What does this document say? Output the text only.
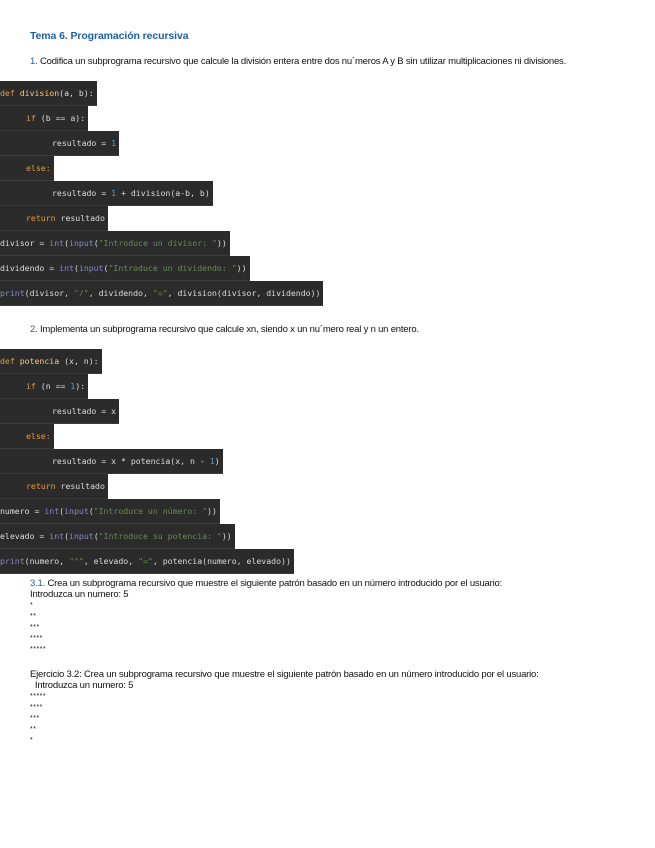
Tema 6. Programación recursiva
1. Codifica un subprograma recursivo que calcule la división entera entre dos nu´meros A y B sin utilizar multiplicaciones ni divisiones.
def division(a, b):
if (b == a):
resultado = 1
else:
resultado = 1 + division(a-b, b)
return resultado
divisor = int(input("Introduce un divisor: "))
dividendo = int(input("Introduce un dividendo: "))
print(divisor, "/", dividendo, "=", division(divisor, dividendo))
2. Implementa un subprograma recursivo que calcule xn, siendo x un nu´mero real y n un entero.
def potencia (x, n):
if (n == 1):
resultado = x
else:
resultado = x * potencia(x, n - 1)
return resultado
numero = int(input("Introduce un número: "))
elevado = int(input("Introduce su potencia: "))
print(numero, "^", elevado, "=", potencia(numero, elevado))
3.1. Crea un subprograma recursivo que muestre el siguiente patrón basado en un número introducido por el usuario:
Introduzca un numero: 5
*
**
***
****
*****
Ejercicio 3.2: Crea un subprograma recursivo que muestre el siguiente patrón basado en un número introducido por el usuario:
Introduzca un numero: 5
*****
****
***
**
*
